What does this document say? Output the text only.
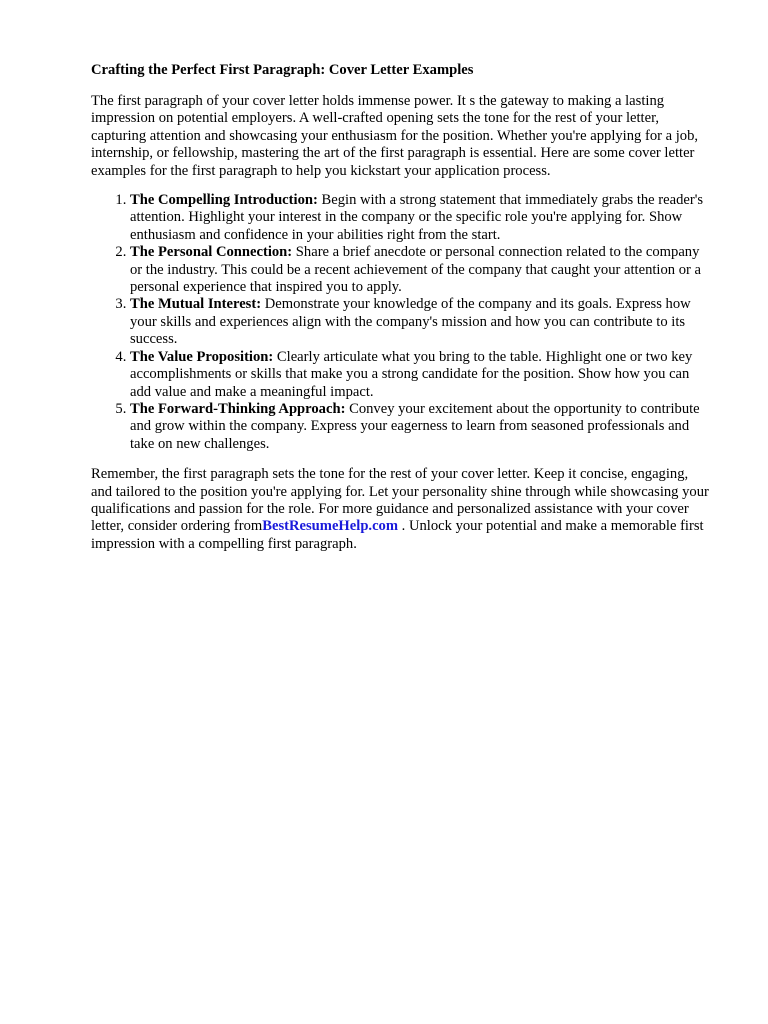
Crafting the Perfect First Paragraph: Cover Letter Examples

The first paragraph of your cover letter holds immense power. It s the gateway to making a lasting impression on potential employers. A well-crafted opening sets the tone for the rest of your letter, capturing attention and showcasing your enthusiasm for the position. Whether you're applying for a job, internship, or fellowship, mastering the art of the first paragraph is essential. Here are some cover letter examples for the first paragraph to help you kickstart your application process.

1. The Compelling Introduction: Begin with a strong statement that immediately grabs the reader's attention. Highlight your interest in the company or the specific role you're applying for. Show enthusiasm and confidence in your abilities right from the start.
2. The Personal Connection: Share a brief anecdote or personal connection related to the company or the industry. This could be a recent achievement of the company that caught your attention or a personal experience that inspired you to apply.
3. The Mutual Interest: Demonstrate your knowledge of the company and its goals. Express how your skills and experiences align with the company's mission and how you can contribute to its success.
4. The Value Proposition: Clearly articulate what you bring to the table. Highlight one or two key accomplishments or skills that make you a strong candidate for the position. Show how you can add value and make a meaningful impact.
5. The Forward-Thinking Approach: Convey your excitement about the opportunity to contribute and grow within the company. Express your eagerness to learn from seasoned professionals and take on new challenges.

Remember, the first paragraph sets the tone for the rest of your cover letter. Keep it concise, engaging, and tailored to the position you're applying for. Let your personality shine through while showcasing your qualifications and passion for the role. For more guidance and personalized assistance with your cover letter, consider ordering fromBestResumeHelp.com . Unlock your potential and make a memorable first impression with a compelling first paragraph.
